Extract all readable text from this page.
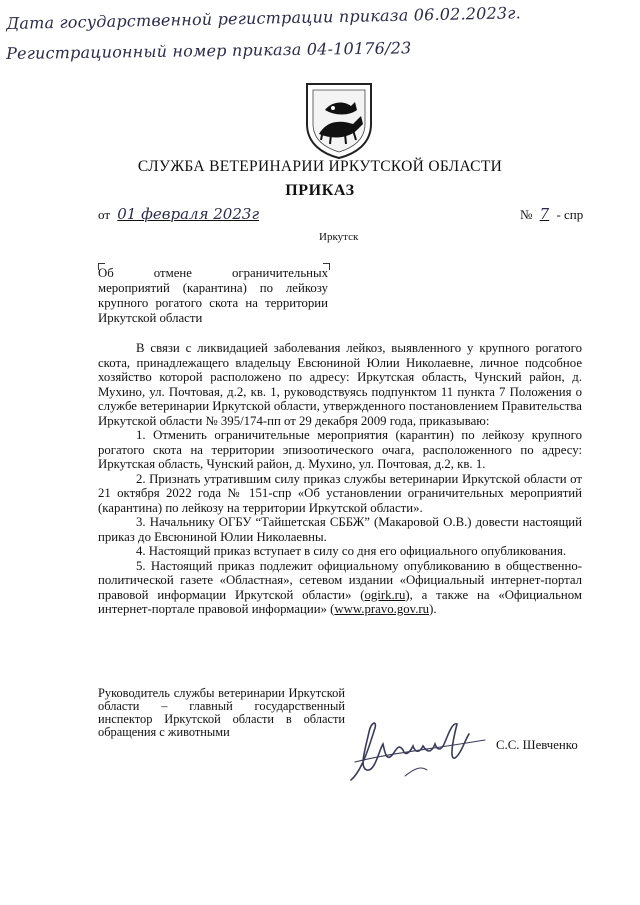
Дата государственной регистрации приказа 06.02.2023г.
Регистрационный номер приказа 04-10176/23
СЛУЖБА ВЕТЕРИНАРИИ ИРКУТСКОЙ ОБЛАСТИ
ПРИКАЗ
от 01 февраля 2023г	№ 7 - спр
Иркутск
Об отмене ограничительных мероприятий (карантина) по лейкозу крупного рогатого скота на территории Иркутской области

В связи с ликвидацией заболевания лейкоз, выявленного у крупного рогатого скота, принадлежащего владельцу Евсюниной Юлии Николаевне, личное подсобное хозяйство которой расположено по адресу: Иркутская область, Чунский район, д. Мухино, ул. Почтовая, д.2, кв. 1, руководствуясь подпунктом 11 пункта 7 Положения о службе ветеринарии Иркутской области, утвержденного постановлением Правительства Иркутской области № 395/174-пп от 29 декабря 2009 года, приказываю:

1. Отменить ограничительные мероприятия (карантин) по лейкозу крупного рогатого скота на территории эпизоотического очага, расположенного по адресу: Иркутская область, Чунский район, д. Мухино, ул. Почтовая, д.2, кв. 1.

2. Признать утратившим силу приказ службы ветеринарии Иркутской области от 21 октября 2022 года № 151-спр «Об установлении ограничительных мероприятий (карантина) по лейкозу на территории Иркутской области».

3. Начальнику ОГБУ “Тайшетская СББЖ” (Макаровой О.В.) довести настоящий приказ до Евсюниной Юлии Николаевны.

4. Настоящий приказ вступает в силу со дня его официального опубликования.

5. Настоящий приказ подлежит официальному опубликованию в общественно-политической газете «Областная», сетевом издании «Официальный интернет-портал правовой информации Иркутской области» (ogirk.ru), а также на «Официальном интернет-портале правовой информации» (www.pravo.gov.ru).

Руководитель службы ветеринарии Иркутской области – главный государственный инспектор Иркутской области в области обращения с животными
С.С. Шевченко
